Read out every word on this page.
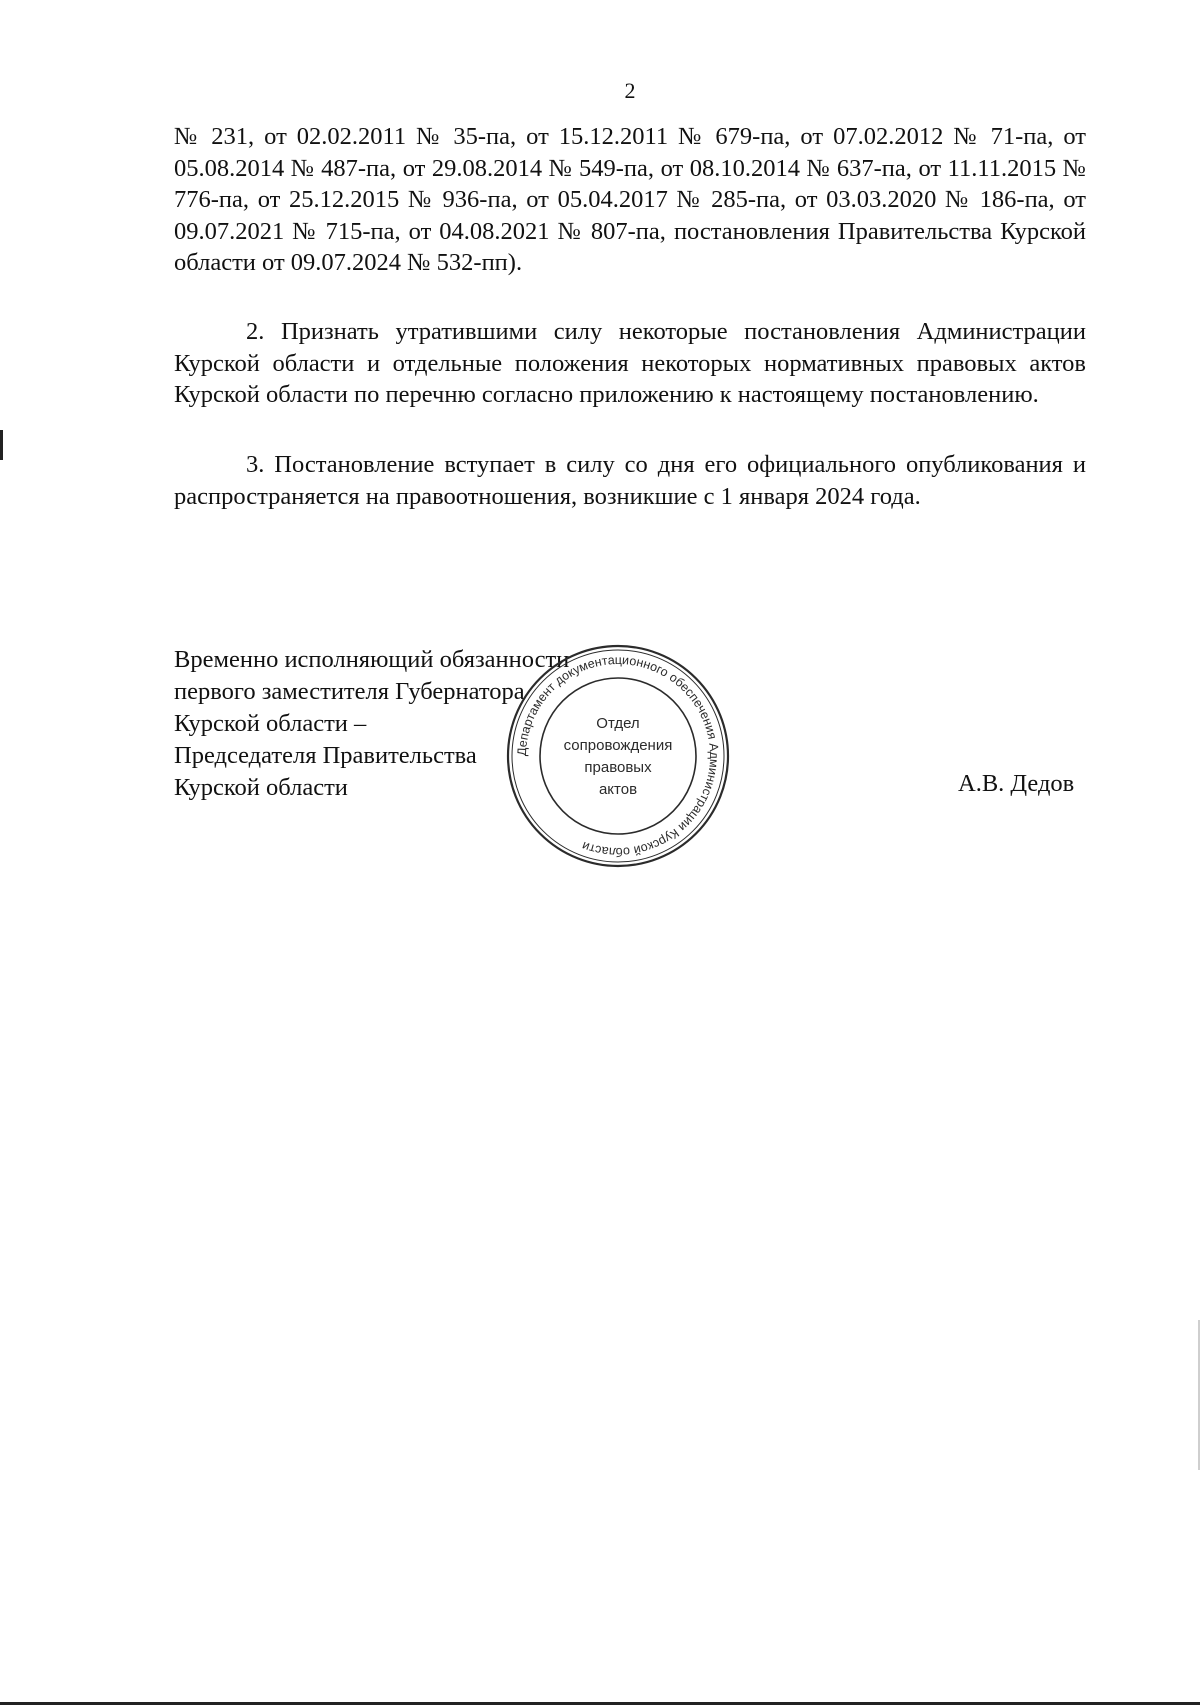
2
№ 231, от 02.02.2011 № 35-па, от 15.12.2011 № 679-па, от 07.02.2012 № 71-па, от 05.08.2014 № 487-па, от 29.08.2014 № 549-па, от 08.10.2014 № 637-па, от 11.11.2015 № 776-па, от 25.12.2015 № 936-па, от 05.04.2017 № 285-па, от 03.03.2020 № 186-па, от 09.07.2021 № 715-па, от 04.08.2021 № 807-па, постановления Правительства Курской области от 09.07.2024 № 532-пп).
2. Признать утратившими силу некоторые постановления Администрации Курской области и отдельные положения некоторых нормативных правовых актов Курской области по перечню согласно приложению к настоящему постановлению.
3. Постановление вступает в силу со дня его официального опубликования и распространяется на правоотношения, возникшие с 1 января 2024 года.
Временно исполняющий обязанности
первого заместителя Губернатора
Курской области –
Председателя Правительства
Курской области	А.В. Дедов
Департамент документационного обеспечения Администрации Курской области
Отдел
сопровождения
правовых
актов
